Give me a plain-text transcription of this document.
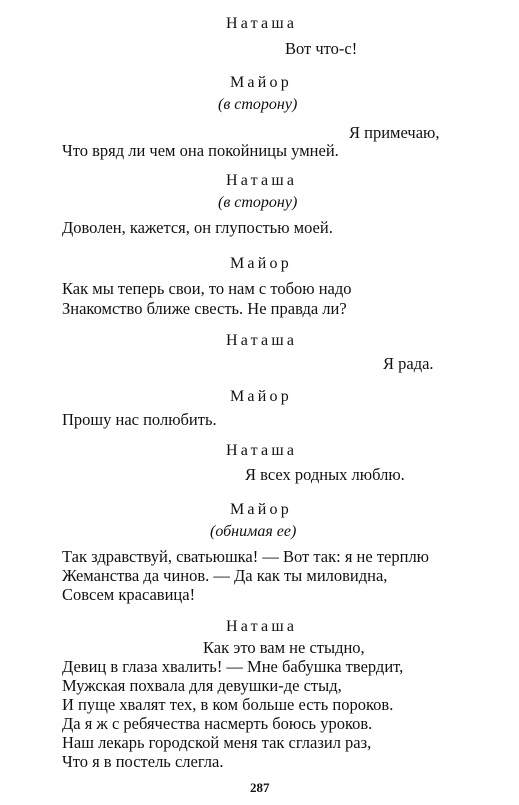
Наташа
Вот что-с!
Майор
(в сторону)
Я примечаю,
Что вряд ли чем она покойницы умней.
Наташа
(в сторону)
Доволен, кажется, он глупостью моей.
Майор
Как мы теперь свои, то нам с тобою надо
Знакомство ближе свесть. Не правда ли?
Наташа
Я рада.
Майор
Прошу нас полюбить.
Наташа
Я всех родных люблю.
Майор
(обнимая ее)
Так здравствуй, сватьюшка! — Вот так: я не терплю
Жеманства да чинов. — Да как ты миловидна,
Совсем красавица!
Наташа
Как это вам не стыдно,
Девиц в глаза хвалить! — Мне бабушка твердит,
Мужская похвала для девушки-де стыд,
И пуще хвалят тех, в ком больше есть пороков.
Да я ж с ребячества насмерть боюсь уроков.
Наш лекарь городской меня так сглазил раз,
Что я в постель слегла.
287
